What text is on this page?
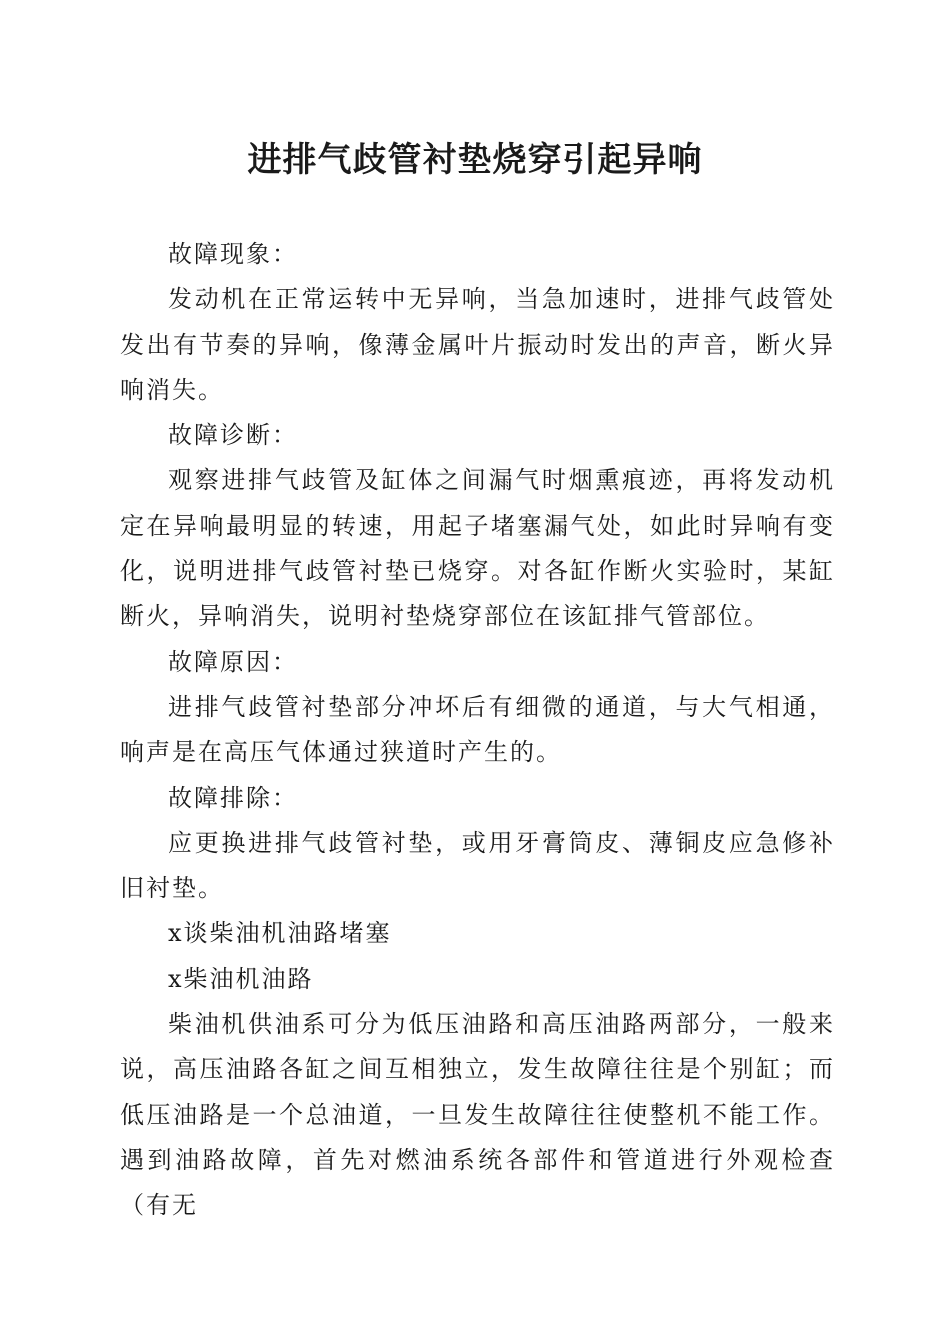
进排气歧管衬垫烧穿引起异响

故障现象：

发动机在正常运转中无异响，当急加速时，进排气歧管处发出有节奏的异响，像薄金属叶片振动时发出的声音，断火异响消失。

故障诊断：

观察进排气歧管及缸体之间漏气时烟熏痕迹，再将发动机定在异响最明显的转速，用起子堵塞漏气处，如此时异响有变化，说明进排气歧管衬垫已烧穿。对各缸作断火实验时，某缸断火，异响消失，说明衬垫烧穿部位在该缸排气管部位。

故障原因：

进排气歧管衬垫部分冲坏后有细微的通道，与大气相通，响声是在高压气体通过狭道时产生的。

故障排除：

应更换进排气歧管衬垫，或用牙膏筒皮、薄铜皮应急修补旧衬垫。

x谈柴油机油路堵塞

x柴油机油路

柴油机供油系可分为低压油路和高压油路两部分，一般来说，高压油路各缸之间互相独立，发生故障往往是个别缸；而低压油路是一个总油道，一旦发生故障往往使整机不能工作。遇到油路故障，首先对燃油系统各部件和管道进行外观检查（有无
